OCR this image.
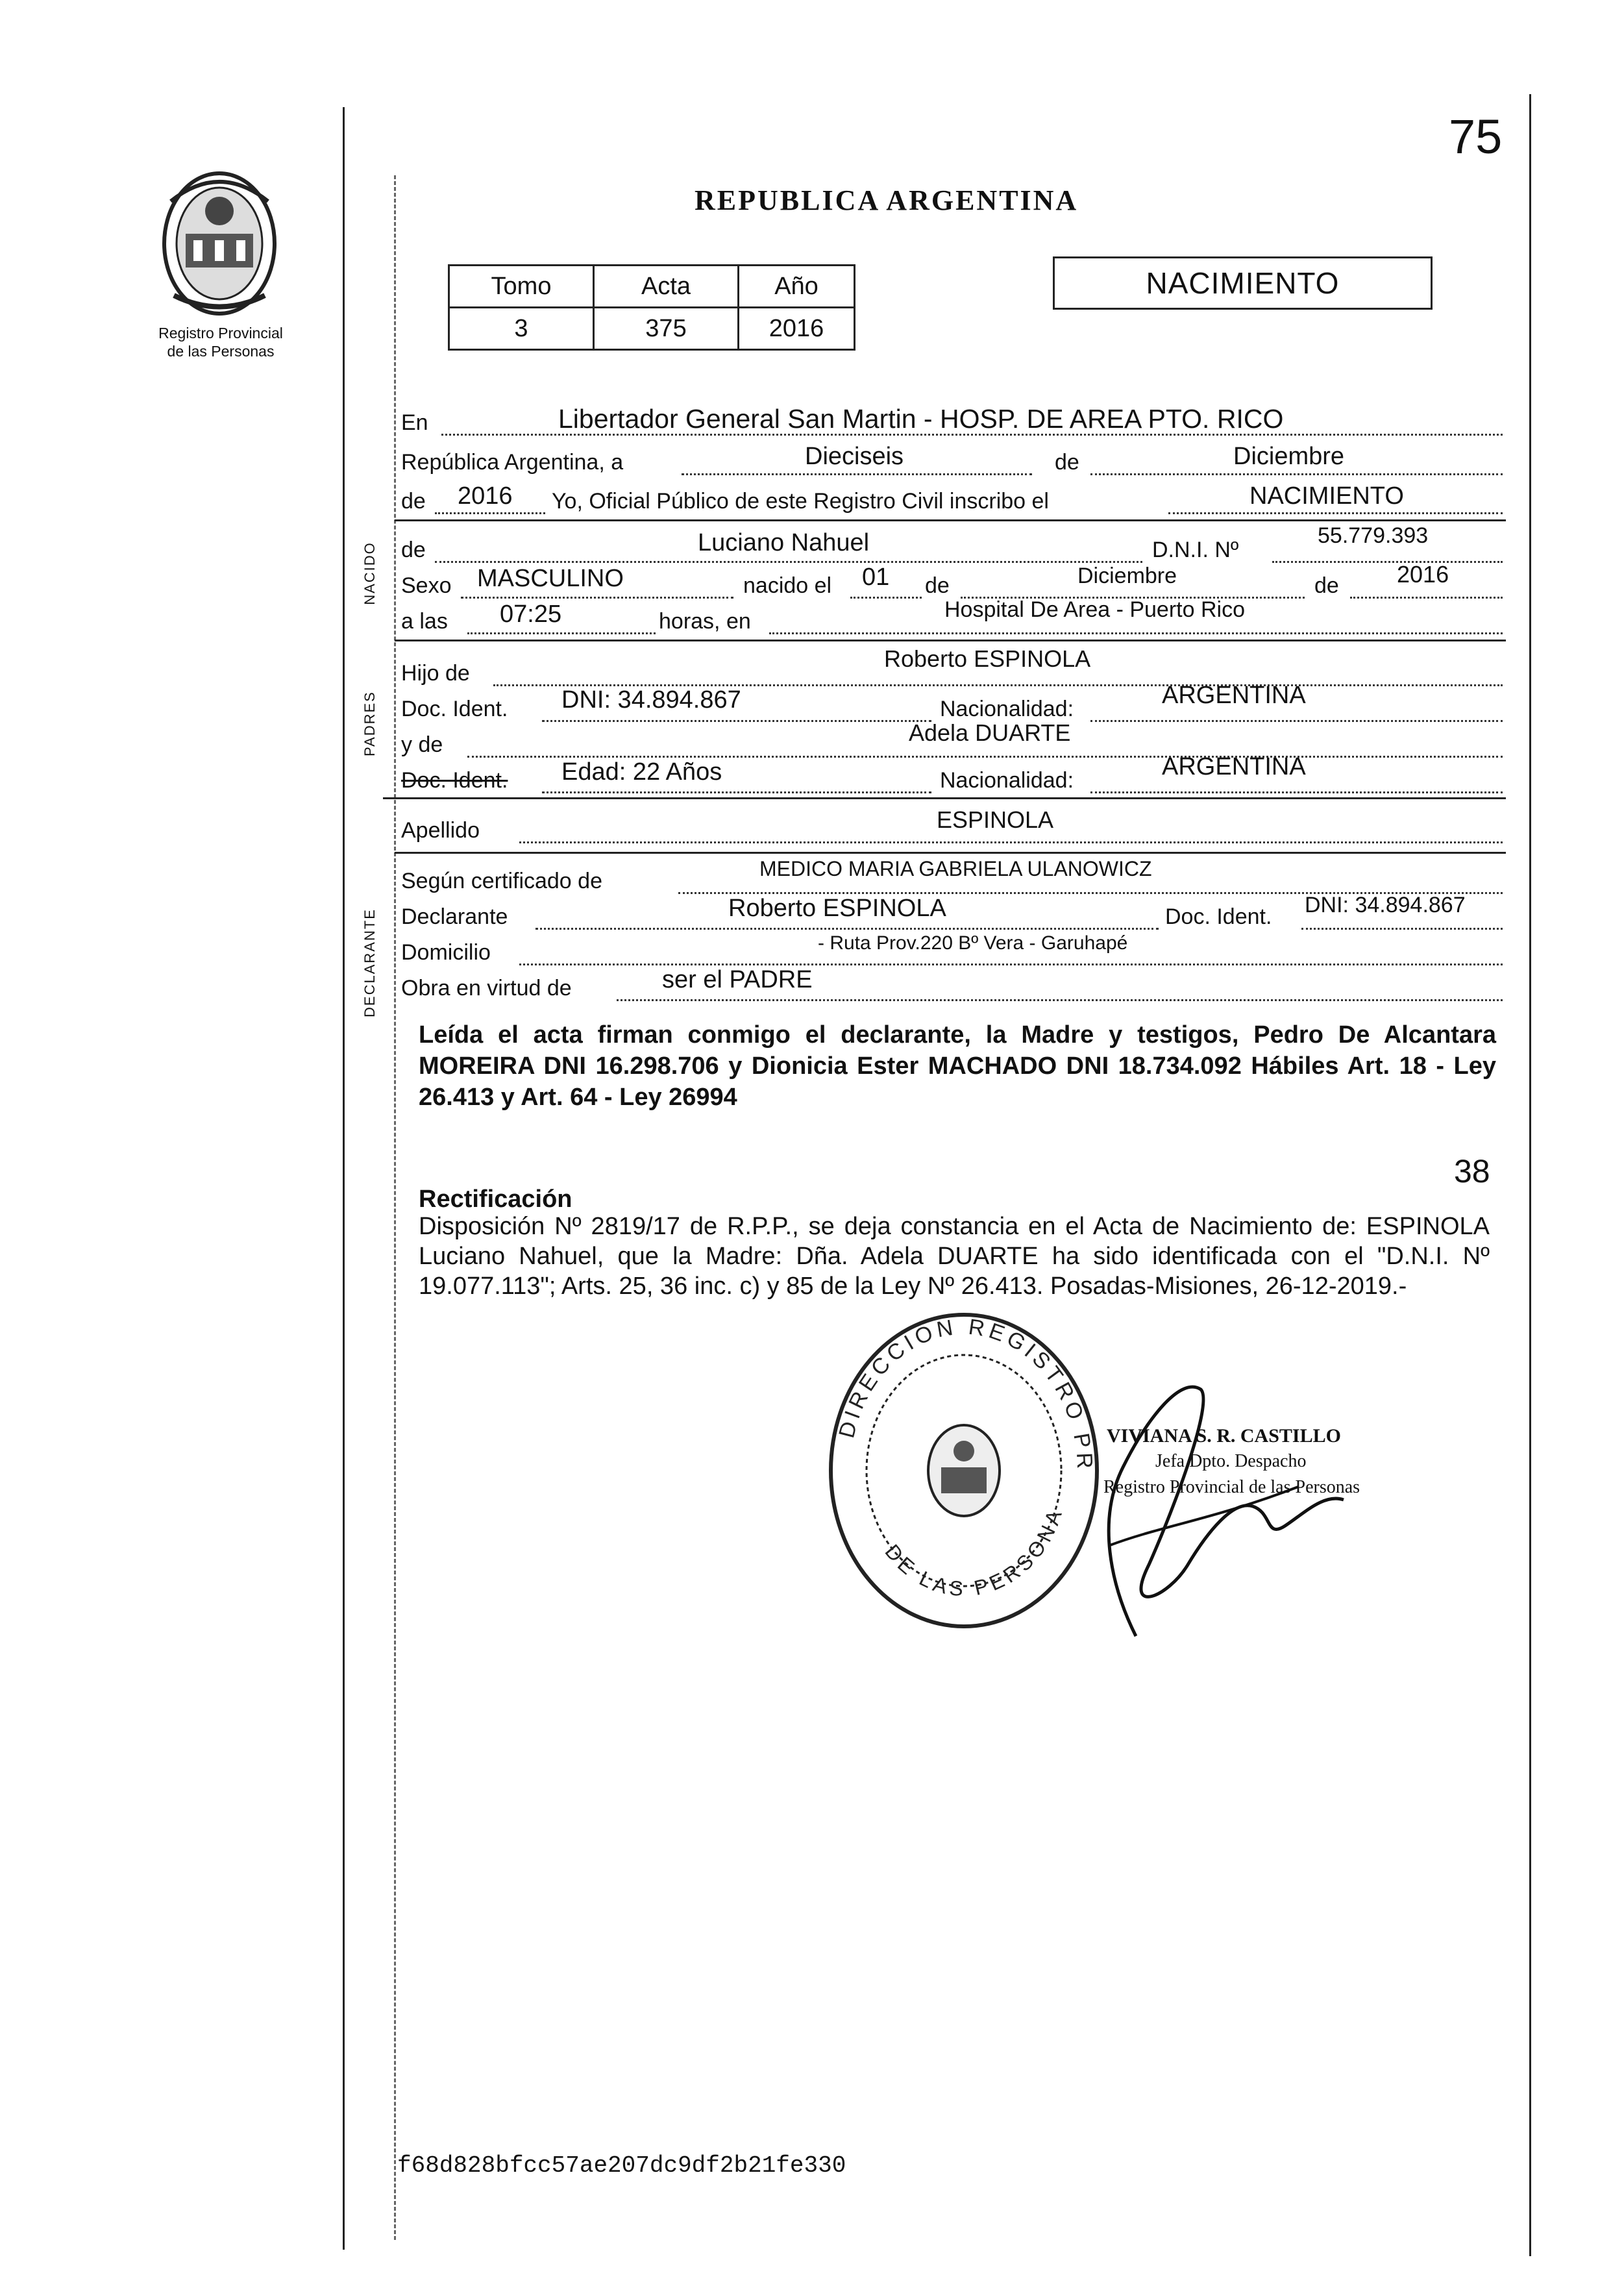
75
Registro Provincial
de las Personas
REPUBLICA ARGENTINA
NACIMIENTO
Tomo	Acta	Año
3	375	2016
En	Libertador General San Martin - HOSP. DE AREA PTO. RICO
República Argentina, a	Dieciseis	de	Diciembre
de 2016 Yo, Oficial Público de este Registro Civil inscribo el	NACIMIENTO
NACIDO de	Luciano Nahuel	D.N.I. Nº
55.779.393
Sexo MASCULINO	nacido el 01 de	Diciembre	de 2016
a las 07:25	horas, en	Hospital De Area - Puerto Rico
PADRES
Hijo de
Roberto ESPINOLA
Doc. Ident. DNI: 34.894.867	Nacionalidad:	ARGENTINA
y de	Adela DUARTE
Doc. Ident. Edad: 22 Años	Nacionalidad:	ARGENTINA
Apellido	ESPINOLA
DECLARANTE
Según certificado de	MEDICO MARIA GABRIELA ULANOWICZ
Declarante	Roberto ESPINOLA	Doc. Ident. DNI: 34.894.867
Domicilio	- Ruta Prov.220 Bº Vera - Garuhapé
Obra en virtud de	ser el PADRE
Leída el acta firman conmigo el declarante, la Madre y testigos, Pedro De Alcantara MOREIRA DNI 16.298.706 y Dionicia Ester MACHADO DNI 18.734.092 Hábiles Art. 18 - Ley 26.413 y Art. 64 - Ley 26994
38
Rectificación
Disposición Nº 2819/17 de R.P.P., se deja constancia en el Acta de Nacimiento de: ESPINOLA Luciano Nahuel, que la Madre: Dña. Adela DUARTE ha sido identificada con el "D.N.I. Nº 19.077.113"; Arts. 25, 36 inc. c) y 85 de la Ley Nº 26.413. Posadas-Misiones, 26-12-2019.-
DIRECCION REGISTRO PR
DE LAS PERSONA
VIVIANA S. R. CASTILLO
Jefa Dpto. Despacho
Registro Provincial de las Personas
f68d828bfcc57ae207dc9df2b21fe330
